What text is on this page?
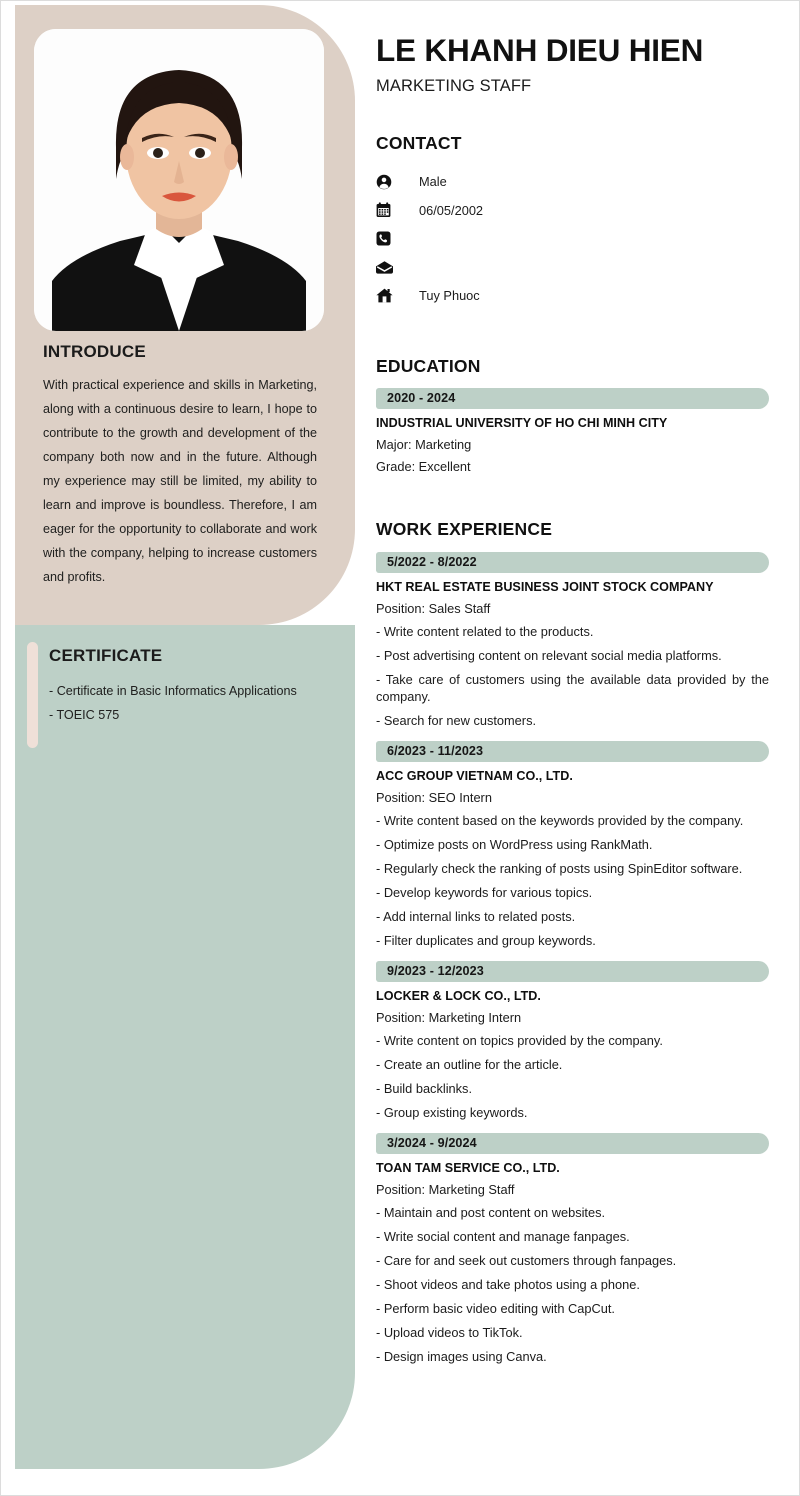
INTRODUCE
With practical experience and skills in Marketing, along with a continuous desire to learn, I hope to contribute to the growth and development of the company both now and in the future. Although my experience may still be limited, my ability to learn and improve is boundless. Therefore, I am eager for the opportunity to collaborate and work with the company, helping to increase customers and profits.
CERTIFICATE
- Certificate in Basic Informatics Applications
- TOEIC 575
LE KHANH DIEU HIEN
MARKETING STAFF
CONTACT
Male
06/05/2002
Tuy Phuoc
EDUCATION
2020 - 2024
INDUSTRIAL UNIVERSITY OF HO CHI MINH CITY
Major: Marketing
Grade: Excellent
WORK EXPERIENCE
5/2022 - 8/2022
HKT REAL ESTATE BUSINESS JOINT STOCK COMPANY
Position: Sales Staff
- Write content related to the products.
- Post advertising content on relevant social media platforms.
- Take care of customers using the available data provided by the company.
- Search for new customers.
6/2023 - 11/2023
ACC GROUP VIETNAM CO., LTD.
Position: SEO Intern
- Write content based on the keywords provided by the company.
- Optimize posts on WordPress using RankMath.
- Regularly check the ranking of posts using SpinEditor software.
- Develop keywords for various topics.
- Add internal links to related posts.
- Filter duplicates and group keywords.
9/2023 - 12/2023
LOCKER & LOCK CO., LTD.
Position: Marketing Intern
- Write content on topics provided by the company.
- Create an outline for the article.
- Build backlinks.
- Group existing keywords.
3/2024 - 9/2024
TOAN TAM SERVICE CO., LTD.
Position: Marketing Staff
- Maintain and post content on websites.
- Write social content and manage fanpages.
- Care for and seek out customers through fanpages.
- Shoot videos and take photos using a phone.
- Perform basic video editing with CapCut.
- Upload videos to TikTok.
- Design images using Canva.
